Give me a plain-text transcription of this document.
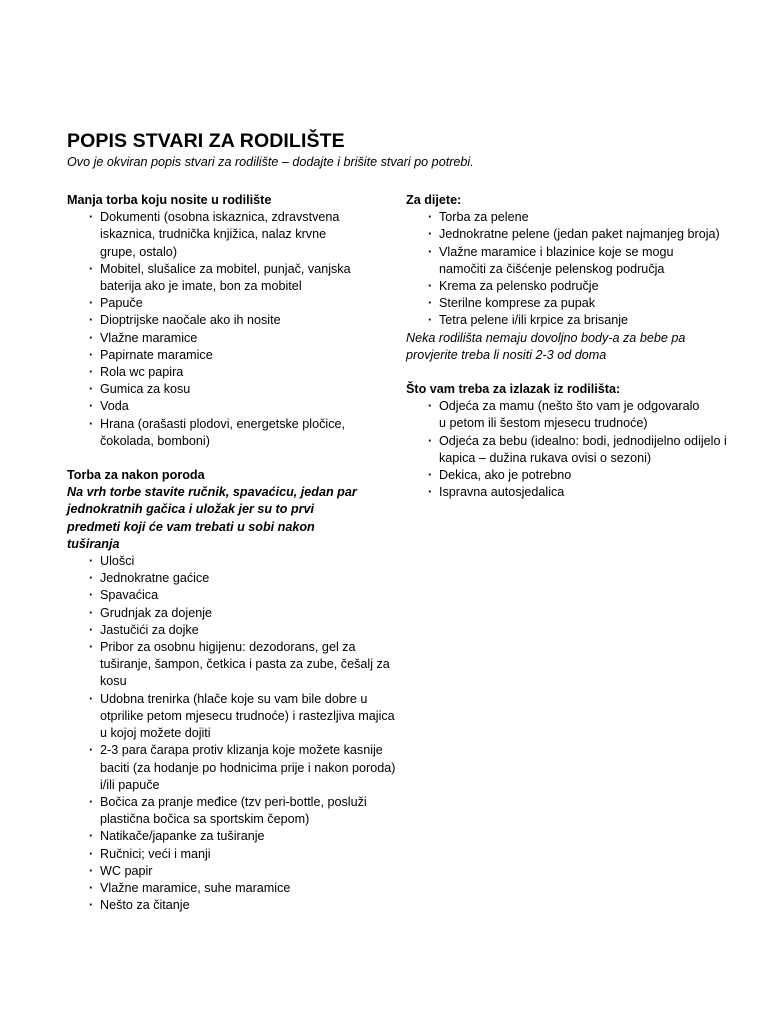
POPIS STVARI ZA RODILIŠTE
Ovo je okviran popis stvari za rodilište – dodajte i brišite stvari po potrebi.
Manja torba koju nosite u rodilište
· Dokumenti (osobna iskaznica, zdravstvena iskaznica, trudnička knjižica, nalaz krvne grupe, ostalo)
· Mobitel, slušalice za mobitel, punjač, vanjska baterija ako je imate, bon za mobitel
· Papuče
· Dioptrijske naočale ako ih nosite
· Vlažne maramice
· Papirnate maramice
· Rola wc papira
· Gumica za kosu
· Voda
· Hrana (orašasti plodovi, energetske pločice, čokolada, bomboni)
Torba za nakon poroda
Na vrh torbe stavite ručnik, spavaćicu, jedan par jednokratnih gačica i uložak jer su to prvi predmeti koji će vam trebati u sobi nakon tuširanja
· Ulošci
· Jednokratne gaćice
· Spavaćica
· Grudnjak za dojenje
· Jastučići za dojke
· Pribor za osobnu higijenu: dezodorans, gel za tuširanje, šampon, četkica i pasta za zube, češalj za kosu
· Udobna trenirka (hlače koje su vam bile dobre u otprilike petom mjesecu trudnoće) i rastezljiva majica u kojoj možete dojiti
· 2-3 para čarapa protiv klizanja koje možete kasnije baciti (za hodanje po hodnicima prije i nakon poroda) i/ili papuče
· Bočica za pranje međice (tzv peri-bottle, posluži plastična bočica sa sportskim čepom)
· Natikače/japanke za tuširanje
· Ručnici; veći i manji
· WC papir
· Vlažne maramice, suhe maramice
· Nešto za čitanje
Za dijete:
· Torba za pelene
· Jednokratne pelene (jedan paket najmanjeg broja)
· Vlažne maramice i blazinice koje se mogu namočiti za čišćenje pelenskog područja
· Krema za pelensko područje
· Sterilne komprese za pupak
· Tetra pelene i/ili krpice za brisanje
Neka rodilišta nemaju dovoljno body-a za bebe pa provjerite treba li nositi 2-3 od doma
Što vam treba za izlazak iz rodilišta:
· Odjeća za mamu (nešto što vam je odgovaralo u petom ili šestom mjesecu trudnoće)
· Odjeća za bebu (idealno: bodi, jednodijelno odijelo i kapica – dužina rukava ovisi o sezoni)
· Dekica, ako je potrebno
· Ispravna autosjedalica
